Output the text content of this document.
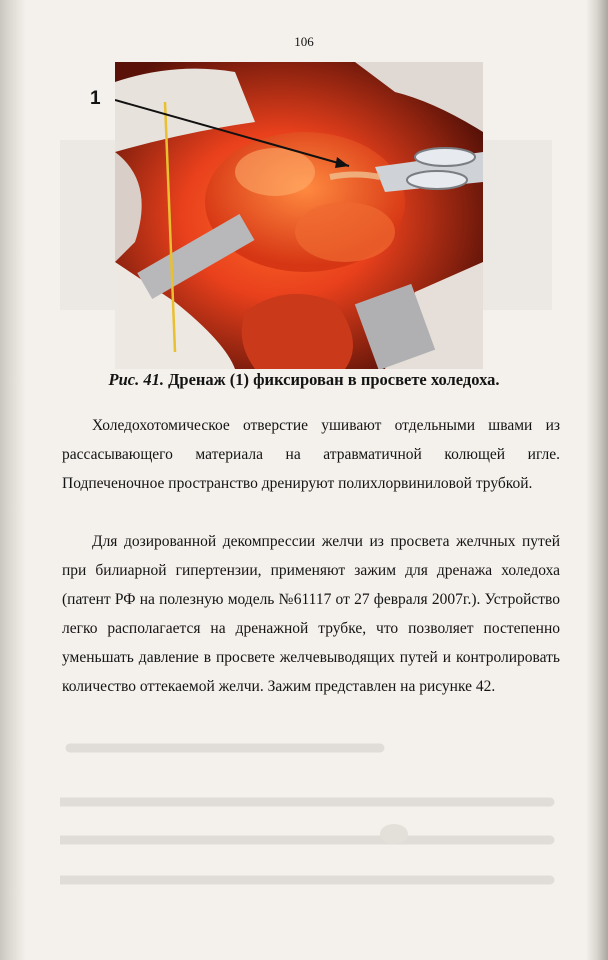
106
1
Рис. 41. Дренаж (1) фиксирован в просвете холедоха.

Холедохотомическое отверстие ушивают отдельными швами из рассасывающего материала на атравматичной колющей игле. Подпеченочное пространство дренируют полихлорвиниловой трубкой.

Для дозированной декомпрессии желчи из просвета желчных путей при билиарной гипертензии, применяют зажим для дренажа холедоха (патент РФ на полезную модель №61117 от 27 февраля 2007г.). Устройство легко располагается на дренажной трубке, что позволяет постепенно уменьшать давление в просвете желчевыводящих путей и контролировать количество оттекаемой желчи. Зажим представлен на рисунке 42.
